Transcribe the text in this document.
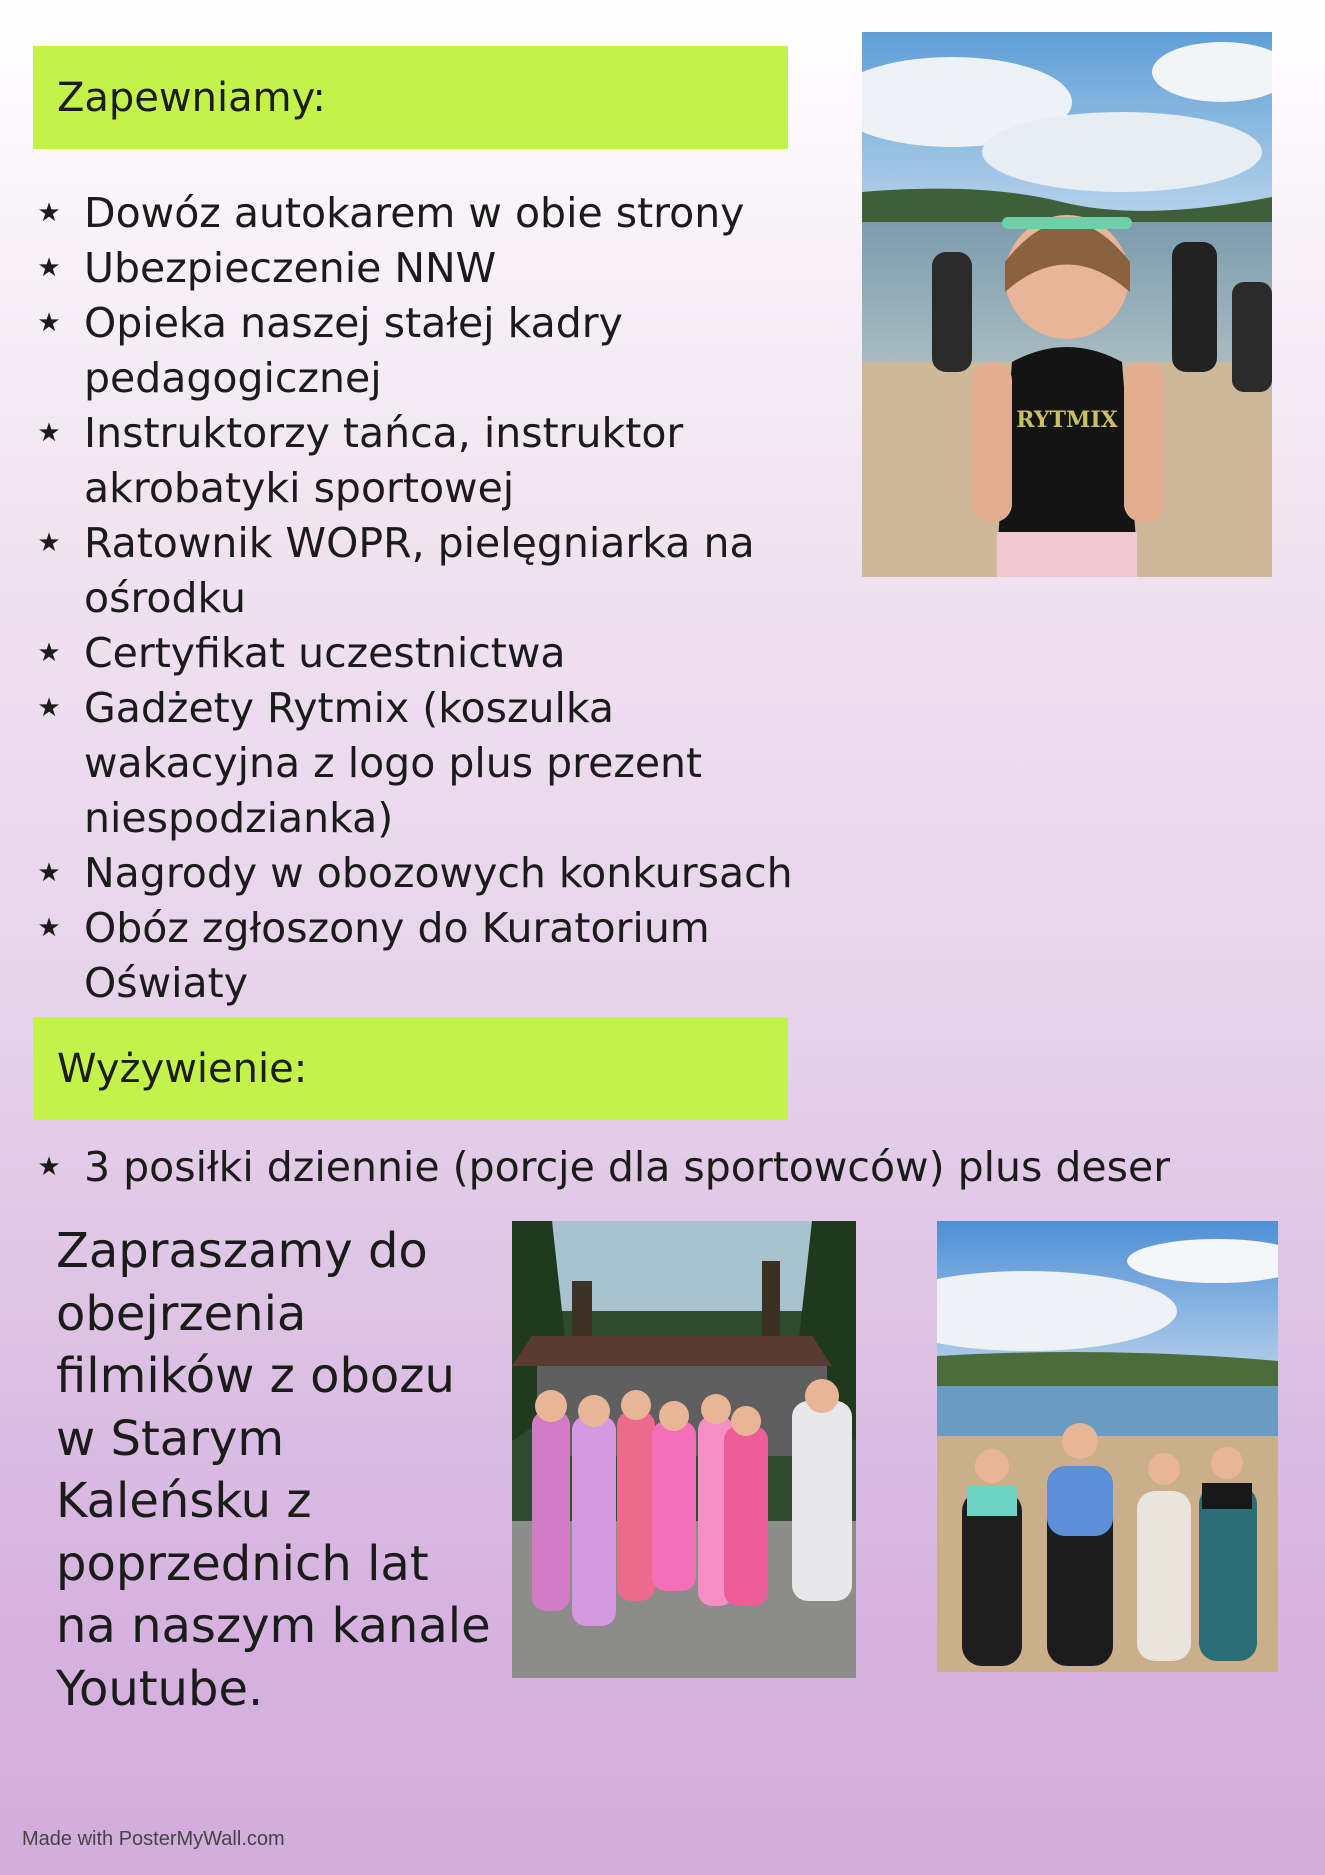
Zapewniamy:
★ Dowóz autokarem w obie strony
★ Ubezpieczenie NNW
★ Opieka naszej stałej kadry pedagogicznej
★ Instruktorzy tańca, instruktor akrobatyki sportowej
★ Ratownik WOPR, pielęgniarka na ośrodku
★ Certyfikat uczestnictwa
★ Gadżety Rytmix (koszulka wakacyjna z logo plus prezent niespodzianka)
★ Nagrody w obozowych konkursach
★ Obóz zgłoszony do Kuratorium Oświaty
Wyżywienie:
★ 3 posiłki dziennie (porcje dla sportowców) plus deser

Zapraszamy do obejrzenia filmików z obozu w Starym Kaleńsku z poprzednich lat na naszym kanale Youtube.

RYTMIX
Made with PosterMyWall.com
